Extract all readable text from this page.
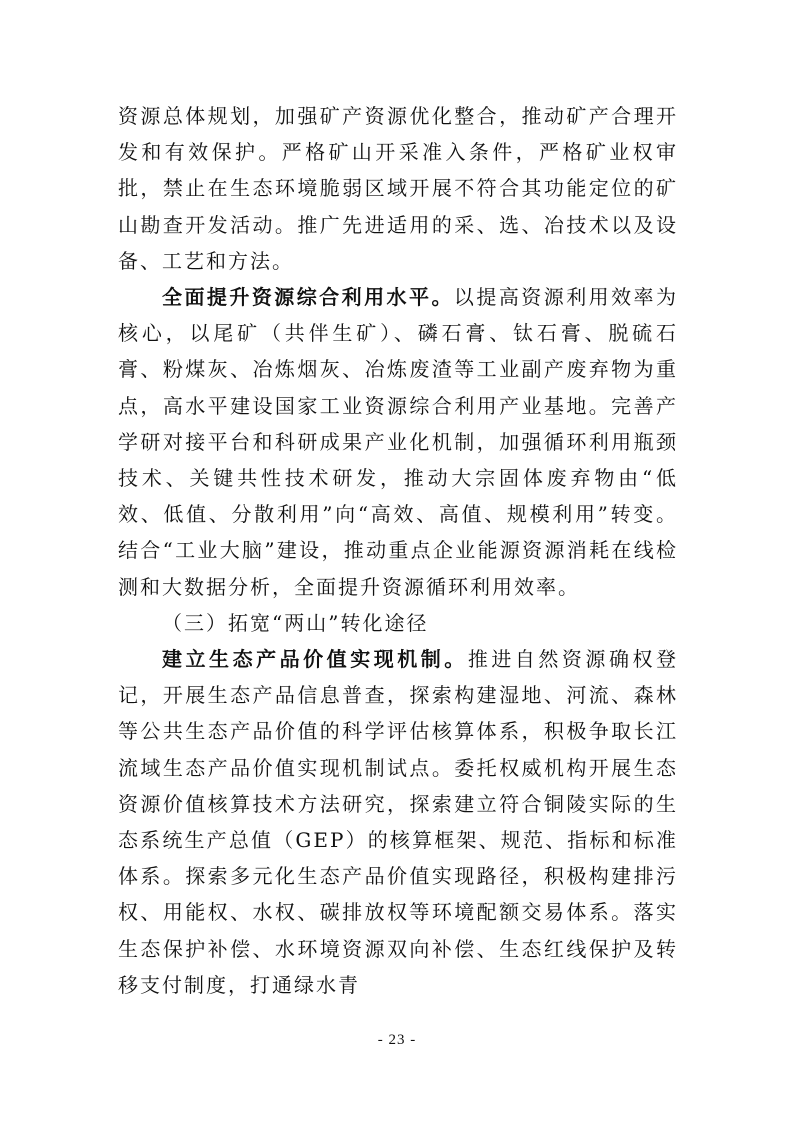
资源总体规划，加强矿产资源优化整合，推动矿产合理开发和有效保护。严格矿山开采准入条件，严格矿业权审批，禁止在生态环境脆弱区域开展不符合其功能定位的矿山勘查开发活动。推广先进适用的采、选、冶技术以及设备、工艺和方法。

全面提升资源综合利用水平。以提高资源利用效率为核心，以尾矿（共伴生矿）、磷石膏、钛石膏、脱硫石膏、粉煤灰、冶炼烟灰、冶炼废渣等工业副产废弃物为重点，高水平建设国家工业资源综合利用产业基地。完善产学研对接平台和科研成果产业化机制，加强循环利用瓶颈技术、关键共性技术研发，推动大宗固体废弃物由“低效、低值、分散利用”向“高效、高值、规模利用”转变。结合“工业大脑”建设，推动重点企业能源资源消耗在线检测和大数据分析，全面提升资源循环利用效率。

（三）拓宽“两山”转化途径

建立生态产品价值实现机制。推进自然资源确权登记，开展生态产品信息普查，探索构建湿地、河流、森林等公共生态产品价值的科学评估核算体系，积极争取长江流域生态产品价值实现机制试点。委托权威机构开展生态资源价值核算技术方法研究，探索建立符合铜陵实际的生态系统生产总值（GEP）的核算框架、规范、指标和标准体系。探索多元化生态产品价值实现路径，积极构建排污权、用能权、水权、碳排放权等环境配额交易体系。落实生态保护补偿、水环境资源双向补偿、生态红线保护及转移支付制度，打通绿水青

- 23 -
